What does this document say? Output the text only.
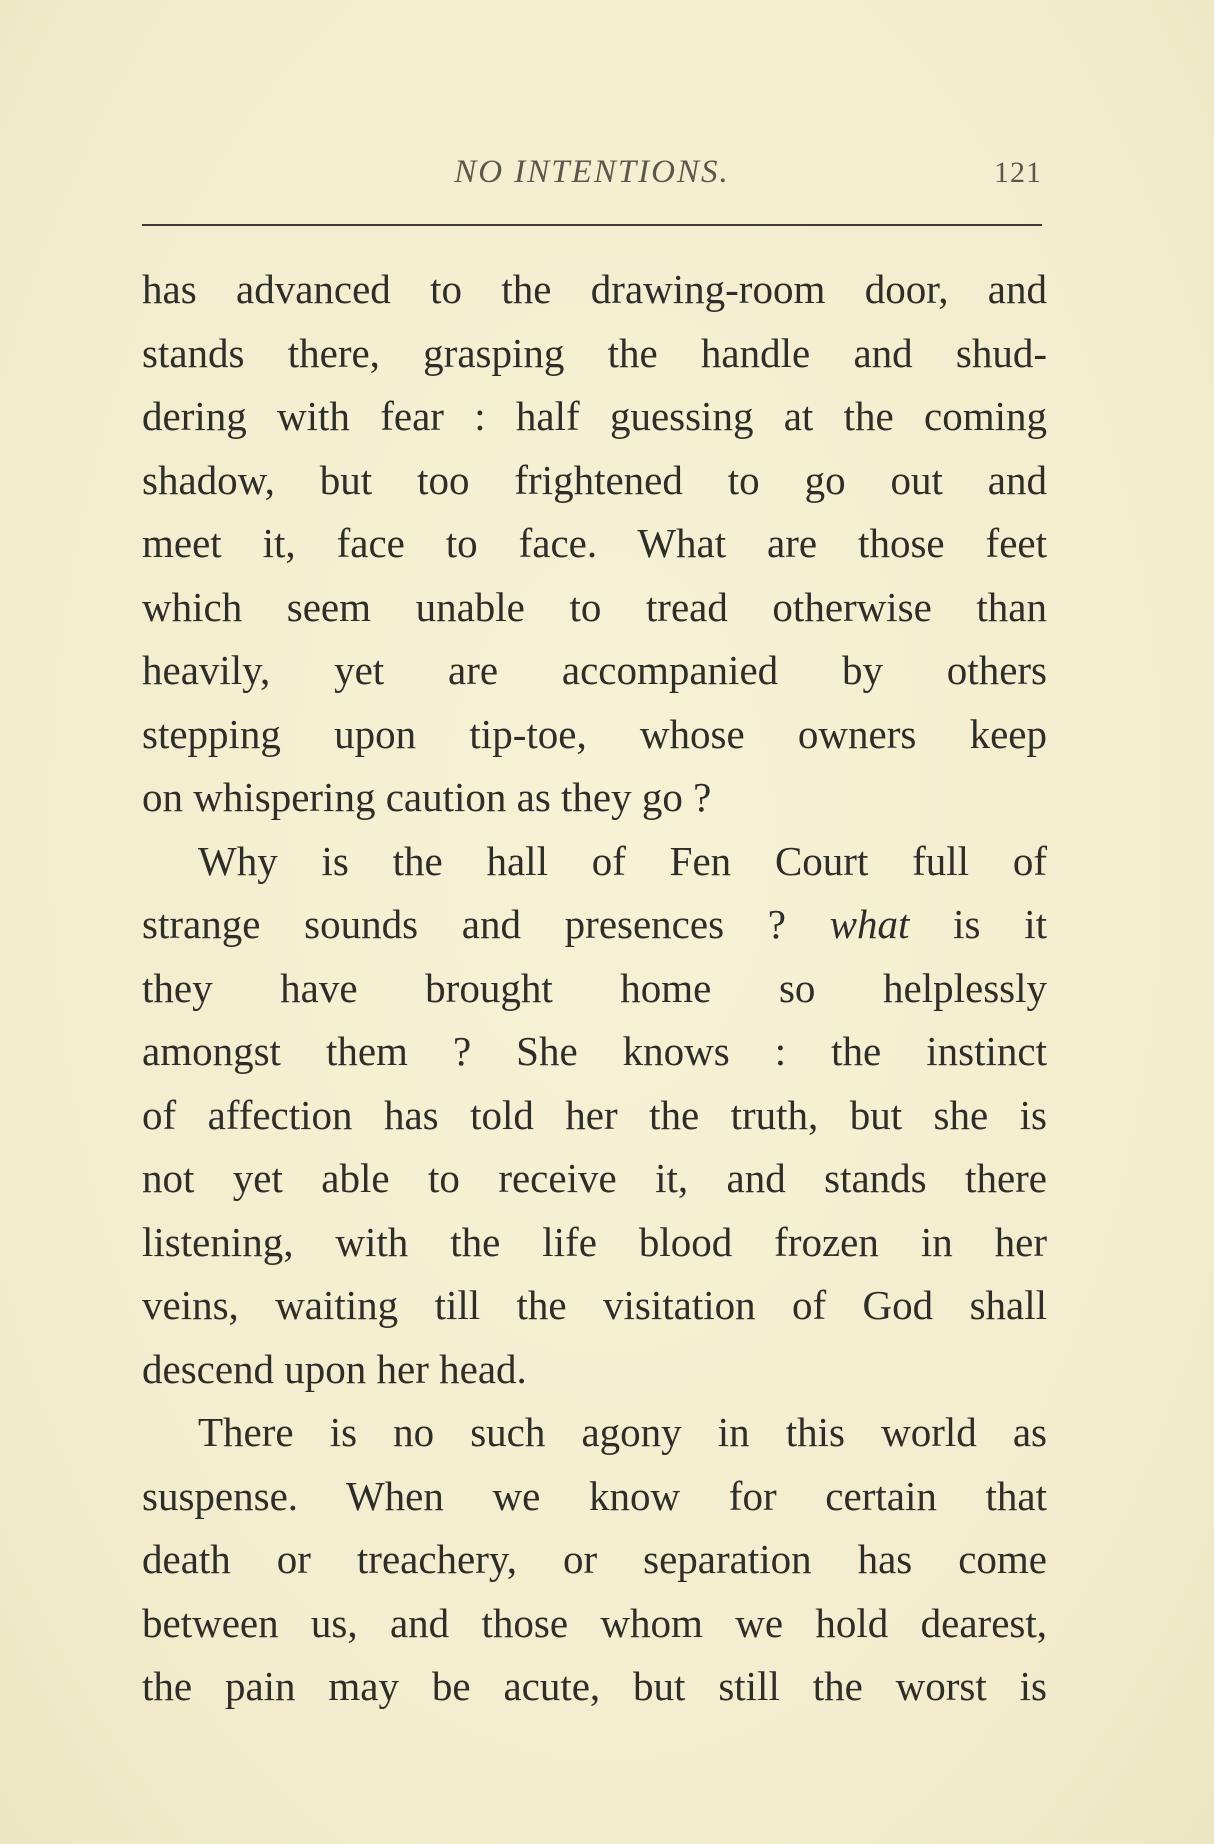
NO INTENTIONS.	121
has advanced to the drawing-room door, and
stands there, grasping the handle and shud-
dering with fear : half guessing at the coming
shadow, but too frightened to go out and
meet it, face to face. What are those feet
which seem unable to tread otherwise than
heavily, yet are accompanied by others
stepping upon tip-toe, whose owners keep
on whispering caution as they go ?
Why is the hall of Fen Court full of
strange sounds and presences ? what is it
they have brought home so helplessly
amongst them ? She knows : the instinct
of affection has told her the truth, but she is
not yet able to receive it, and stands there
listening, with the life blood frozen in her
veins, waiting till the visitation of God shall
descend upon her head.
There is no such agony in this world as
suspense. When we know for certain that
death or treachery, or separation has come
between us, and those whom we hold dearest,
the pain may be acute, but still the worst is
